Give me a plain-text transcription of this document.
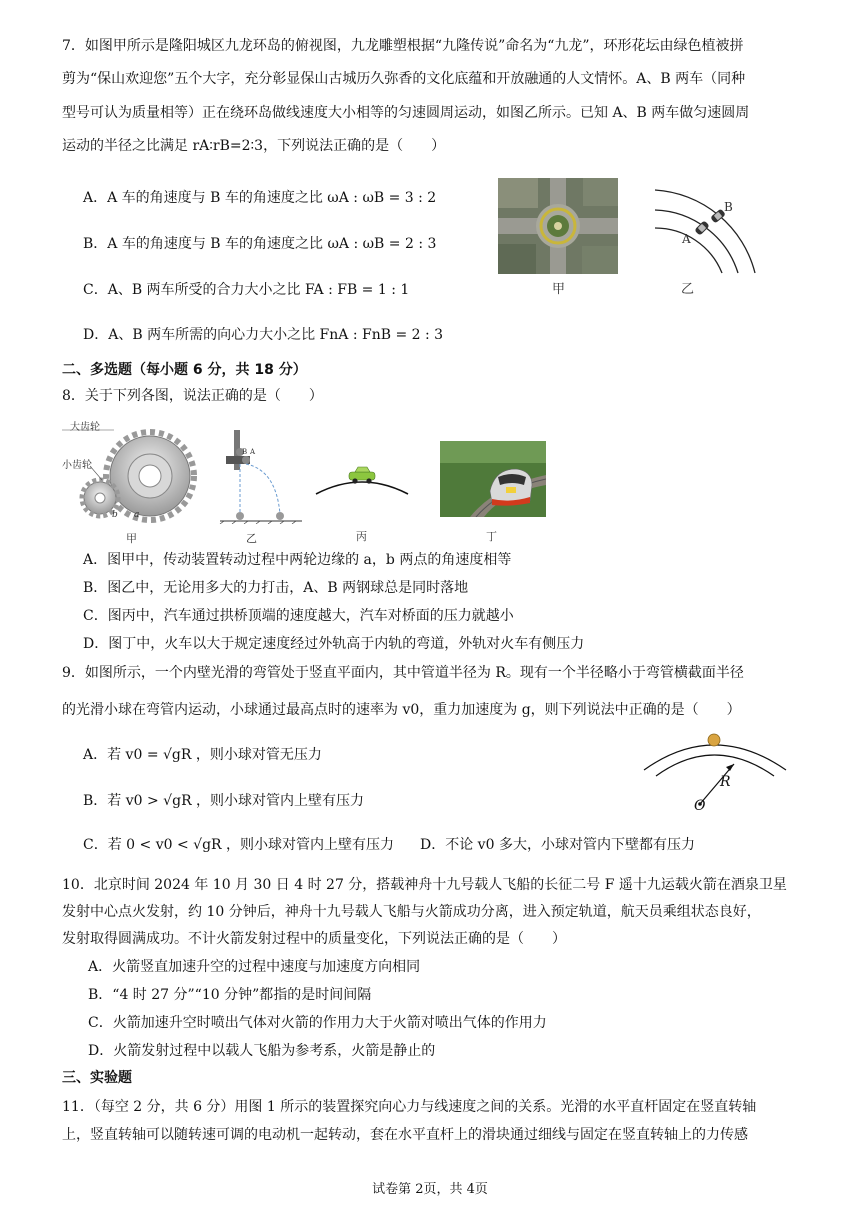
7．如图甲所示是隆阳城区九龙环岛的俯视图，九龙雕塑根据“九隆传说”命名为“九龙”，环形花坛由绿色植被拼
剪为“保山欢迎您”五个大字，充分彰显保山古城历久弥香的文化底蕴和开放融通的人文情怀。A、B 两车（同种
型号可认为质量相等）正在绕环岛做线速度大小相等的匀速圆周运动，如图乙所示。已知 A、B 两车做匀速圆周
运动的半径之比满足 rA∶rB=2∶3，下列说法正确的是（　　）
A．A 车的角速度与 B 车的角速度之比 ωA : ωB = 3 : 2
B．A 车的角速度与 B 车的角速度之比 ωA : ωB = 2 : 3
C．A、B 两车所受的合力大小之比 FA : FB = 1 : 1
D．A、B 两车所需的向心力大小之比 FnA : FnB = 2 : 3
甲
B
A
乙
二、多选题（每小题 6 分，共 18 分）
8．关于下列各图，说法正确的是（　　）
大齿轮
小齿轮
b a
甲
B A
乙	丙	丁
A．图甲中，传动装置转动过程中两轮边缘的 a，b 两点的角速度相等
B．图乙中，无论用多大的力打击，A、B 两钢球总是同时落地
C．图丙中，汽车通过拱桥顶端的速度越大，汽车对桥面的压力就越小
D．图丁中，火车以大于规定速度经过外轨高于内轨的弯道，外轨对火车有侧压力
9．如图所示，一个内壁光滑的弯管处于竖直平面内，其中管道半径为 R。现有一个半径略小于弯管横截面半径
的光滑小球在弯管内运动，小球通过最高点时的速率为 v0，重力加速度为 g，则下列说法中正确的是（　　）
A．若 v0 = √gR ，则小球对管无压力
B．若 v0 > √gR ，则小球对管内上壁有压力
C．若 0 < v0 < √gR ，则小球对管内上壁有压力 D．不论 v0 多大，小球对管内下壁都有压力
R
O
10．北京时间 2024 年 10 月 30 日 4 时 27 分，搭载神舟十九号载人飞船的长征二号 F 遥十九运载火箭在酒泉卫星
发射中心点火发射，约 10 分钟后，神舟十九号载人飞船与火箭成功分离，进入预定轨道，航天员乘组状态良好，
发射取得圆满成功。不计火箭发射过程中的质量变化，下列说法正确的是（　　）
A．火箭竖直加速升空的过程中速度与加速度方向相同
B．“4 时 27 分”“10 分钟”都指的是时间间隔
C．火箭加速升空时喷出气体对火箭的作用力大于火箭对喷出气体的作用力
D．火箭发射过程中以载人飞船为参考系，火箭是静止的
三、实验题
11．（每空 2 分，共 6 分）用图 1 所示的装置探究向心力与线速度之间的关系。光滑的水平直杆固定在竖直转轴
上，竖直转轴可以随转速可调的电动机一起转动，套在水平直杆上的滑块通过细线与固定在竖直转轴上的力传感
试卷第 2页，共 4页
